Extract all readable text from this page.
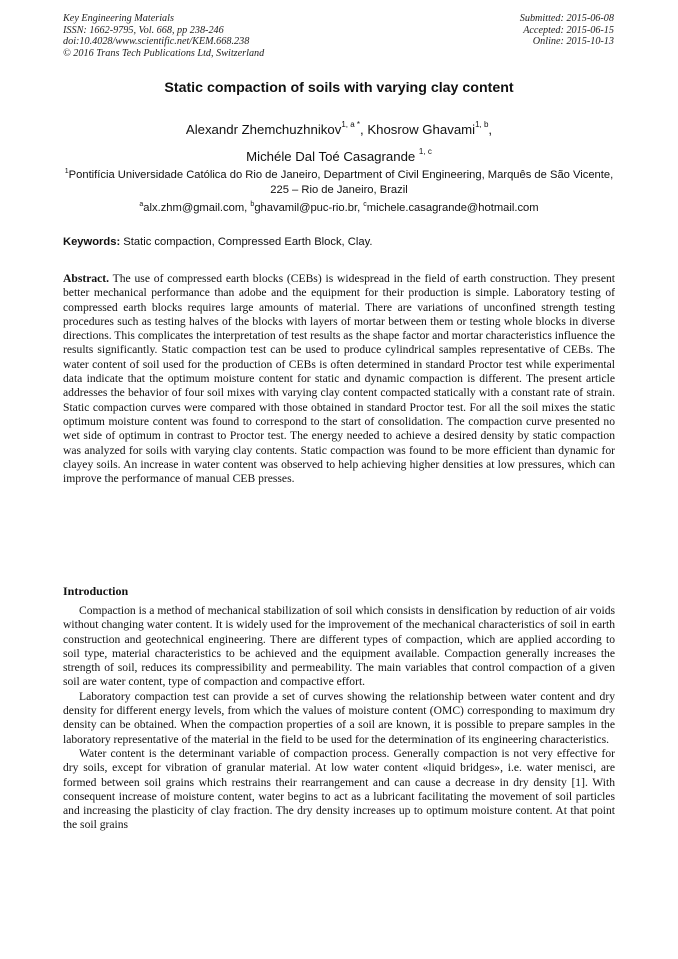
Key Engineering Materials
ISSN: 1662-9795, Vol. 668, pp 238-246
doi:10.4028/www.scientific.net/KEM.668.238
© 2016 Trans Tech Publications Ltd, Switzerland
Submitted: 2015-06-08
Accepted: 2015-06-15
Online: 2015-10-13
Static compaction of soils with varying clay content
Alexandr Zhemchuzhnikov$^{1, a *}$, Khosrow Ghavami$^{1, b}$,
Michéle Dal Toé Casagrande $^{1, c}$
$^1$Pontifícia Universidade Católica do Rio de Janeiro, Department of Civil Engineering, Marquês de São Vicente, 225 – Rio de Janeiro, Brazil
$^a$alx.zhm@gmail.com, $^b$ghavamil@puc-rio.br, $^c$michele.casagrande@hotmail.com
Keywords: Static compaction, Compressed Earth Block, Clay.
Abstract. The use of compressed earth blocks (CEBs) is widespread in the field of earth construction. They present better mechanical performance than adobe and the equipment for their production is simple. Laboratory testing of compressed earth blocks requires large amounts of material. There are variations of unconfined strength testing procedures such as testing halves of the blocks with layers of mortar between them or testing whole blocks in diverse directions. This complicates the interpretation of test results as the shape factor and mortar characteristics influence the results significantly. Static compaction test can be used to produce cylindrical samples representative of CEBs. The water content of soil used for the production of CEBs is often determined in standard Proctor test while experimental data indicate that the optimum moisture content for static and dynamic compaction is different. The present article addresses the behavior of four soil mixes with varying clay content compacted statically with a constant rate of strain. Static compaction curves were compared with those obtained in standard Proctor test. For all the soil mixes the static optimum moisture content was found to correspond to the start of consolidation. The compaction curve presented no wet side of optimum in contrast to Proctor test. The energy needed to achieve a desired density by static compaction was analyzed for soils with varying clay contents. Static compaction was found to be more efficient than dynamic for clayey soils. An increase in water content was observed to help achieving higher densities at low pressures, which can improve the performance of manual CEB presses.
Introduction

Compaction is a method of mechanical stabilization of soil which consists in densification by reduction of air voids without changing water content. It is widely used for the improvement of the mechanical characteristics of soil in earth construction and geotechnical engineering. There are different types of compaction, which are applied according to soil type, material characteristics to be achieved and the equipment available. Compaction generally increases the strength of soil, reduces its compressibility and permeability. The main variables that control compaction of a given soil are water content, type of compaction and compactive effort.

Laboratory compaction test can provide a set of curves showing the relationship between water content and dry density for different energy levels, from which the values of moisture content (OMC) corresponding to maximum dry density can be obtained. When the compaction properties of a soil are known, it is possible to prepare samples in the laboratory representative of the material in the field to be used for the determination of its engineering characteristics.

Water content is the determinant variable of compaction process. Generally compaction is not very effective for dry soils, except for vibration of granular material. At low water content «liquid bridges», i.e. water menisci, are formed between soil grains which restrains their rearrangement and can cause a decrease in dry density [1]. With consequent increase of moisture content, water begins to act as a lubricant facilitating the movement of soil particles and increasing the plasticity of clay fraction. The dry density increases up to optimum moisture content. At that point the soil grains
